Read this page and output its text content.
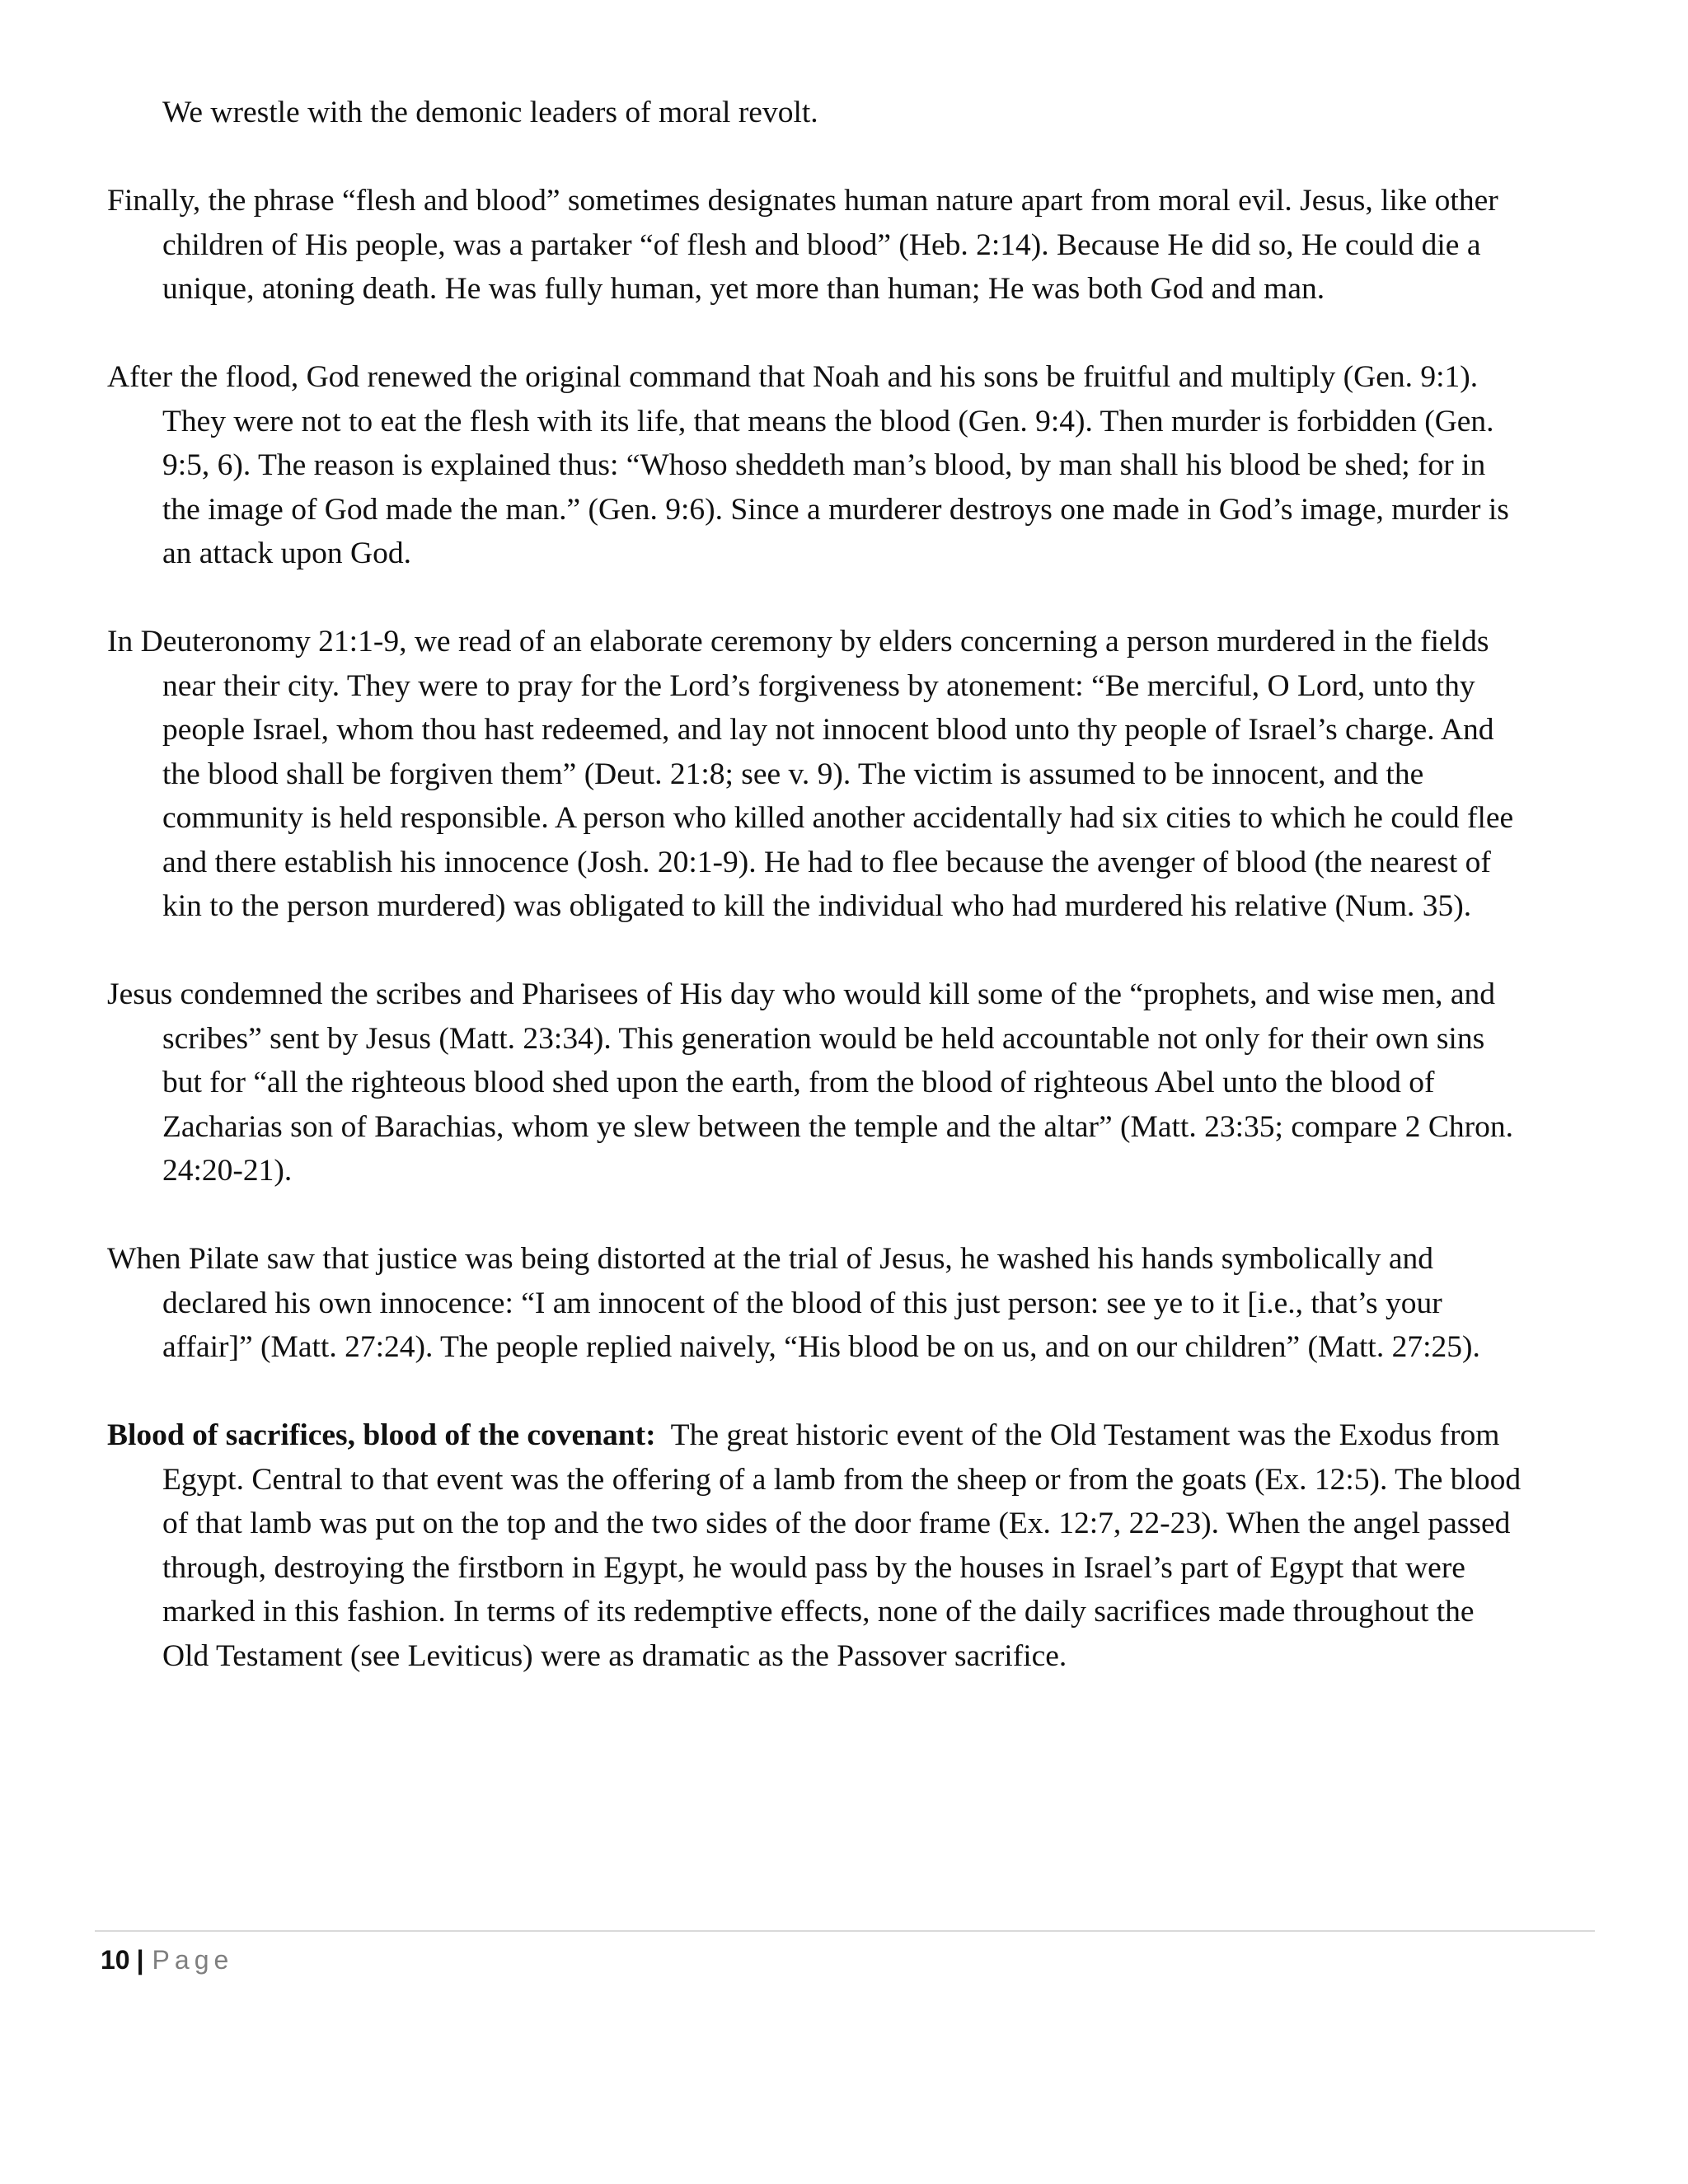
We wrestle with the demonic leaders of moral revolt.

Finally, the phrase “flesh and blood” sometimes designates human nature apart from moral evil. Jesus, like other children of His people, was a partaker “of flesh and blood” (Heb. 2:14). Because He did so, He could die a unique, atoning death. He was fully human, yet more than human; He was both God and man.

After the flood, God renewed the original command that Noah and his sons be fruitful and multiply (Gen. 9:1). They were not to eat the flesh with its life, that means the blood (Gen. 9:4). Then murder is forbidden (Gen. 9:5, 6). The reason is explained thus: “Whoso sheddeth man’s blood, by man shall his blood be shed; for in the image of God made the man.” (Gen. 9:6). Since a murderer destroys one made in God’s image, murder is an attack upon God.

In Deuteronomy 21:1-9, we read of an elaborate ceremony by elders concerning a person murdered in the fields near their city. They were to pray for the Lord’s forgiveness by atonement: “Be merciful, O Lord, unto thy people Israel, whom thou hast redeemed, and lay not innocent blood unto thy people of Israel’s charge. And the blood shall be forgiven them” (Deut. 21:8; see v. 9). The victim is assumed to be innocent, and the community is held responsible. A person who killed another accidentally had six cities to which he could flee and there establish his innocence (Josh. 20:1-9). He had to flee because the avenger of blood (the nearest of kin to the person murdered) was obligated to kill the individual who had murdered his relative (Num. 35).

Jesus condemned the scribes and Pharisees of His day who would kill some of the “prophets, and wise men, and scribes” sent by Jesus (Matt. 23:34). This generation would be held accountable not only for their own sins but for “all the righteous blood shed upon the earth, from the blood of righteous Abel unto the blood of Zacharias son of Barachias, whom ye slew between the temple and the altar” (Matt. 23:35; compare 2 Chron. 24:20-21).

When Pilate saw that justice was being distorted at the trial of Jesus, he washed his hands symbolically and declared his own innocence: “I am innocent of the blood of this just person: see ye to it [i.e., that’s your affair]” (Matt. 27:24). The people replied naively, “His blood be on us, and on our children” (Matt. 27:25).

Blood of sacrifices, blood of the covenant: The great historic event of the Old Testament was the Exodus from Egypt. Central to that event was the offering of a lamb from the sheep or from the goats (Ex. 12:5). The blood of that lamb was put on the top and the two sides of the door frame (Ex. 12:7, 22-23). When the angel passed through, destroying the firstborn in Egypt, he would pass by the houses in Israel’s part of Egypt that were marked in this fashion. In terms of its redemptive effects, none of the daily sacrifices made throughout the Old Testament (see Leviticus) were as dramatic as the Passover sacrifice.

10 | Page
